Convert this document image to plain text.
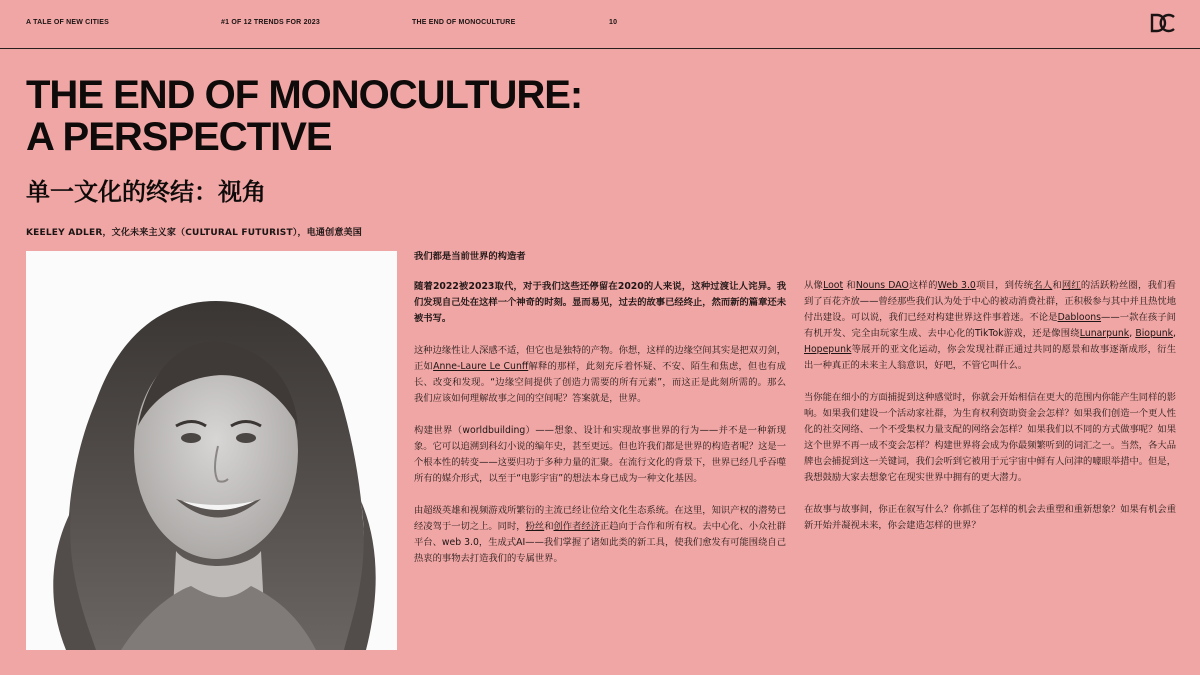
A TALE OF NEW CITIES	#1 OF 12 TRENDS FOR 2023	THE END OF MONOCULTURE	10
THE END OF MONOCULTURE:
A PERSPECTIVE
单一文化的终结：视角
KEELEY ADLER，文化未来主义家（CULTURAL FUTURIST），电通创意美国

我们都是当前世界的构造者

随着2022被2023取代，对于我们这些还停留在2020的人来说，这种过渡让人诧异。我们发现自己处在这样一个神奇的时刻。显而易见，过去的故事已经终止，然而新的篇章还未被书写。

这种边缘性让人深感不适，但它也是独特的产物。你想，这样的边缘空间其实是把双刃剑，正如Anne-Laure Le Cunff解释的那样，此刻充斥着怀疑、不安、陌生和焦虑，但也有成长、改变和发现。“边缘空间提供了创造力需要的所有元素”，而这正是此刻所需的。那么我们应该如何理解故事之间的空间呢？答案就是，世界。

构建世界（worldbuilding）——想象、设计和实现故事世界的行为——并不是一种新现象。它可以追溯到科幻小说的编年史，甚至更远。但也许我们都是世界的构造者呢？这是一个根本性的转变——这要归功于多种力量的汇聚。在流行文化的背景下，世界已经几乎吞噬所有的媒介形式，以至于“电影宇宙”的想法本身已成为一种文化基因。

由超级英雄和视频游戏所繁衍的主流已经让位给文化生态系统。在这里，知识产权的潜势已经凌驾于一切之上。同时，粉丝和创作者经济正趋向于合作和所有权。去中心化、小众社群平台、web 3.0，生成式AI——我们掌握了诸如此类的新工具，使我们愈发有可能围绕自己热衷的事物去打造我们的专属世界。

从像Loot 和Nouns DAO这样的Web 3.0项目，到传统名人和网红的活跃粉丝圈，我们看到了百花齐放——曾经那些我们认为处于中心的被动消费社群，正积极参与其中并且热忱地付出建设。可以说，我们已经对构建世界这件事着迷。不论是Dabloons——一款在孩子间有机开发、完全由玩家生成、去中心化的TikTok游戏，还是像围绕Lunarpunk, Biopunk, Hopepunk等展开的亚文化运动，你会发现社群正通过共同的愿景和故事逐渐成形，衍生出一种真正的未来主人翁意识，好吧，不管它叫什么。

当你能在细小的方面捕捉到这种感觉时，你就会开始相信在更大的范围内你能产生同样的影响。如果我们建设一个活动家社群，为生育权利资助资金会怎样？如果我们创造一个更人性化的社交网络、一个不受集权力量支配的网络会怎样？如果我们以不同的方式做事呢？如果这个世界不再一成不变会怎样？构建世界将会成为你最频繁听到的词汇之一。当然，各大品牌也会捕捉到这一关键词，我们会听到它被用于元宇宙中鲜有人问津的噱眼举措中。但是，我想鼓励大家去想象它在现实世界中拥有的更大潜力。

在故事与故事间，你正在叙写什么？你抓住了怎样的机会去重塑和重新想象？如果有机会重新开始并凝视未来，你会建造怎样的世界？
